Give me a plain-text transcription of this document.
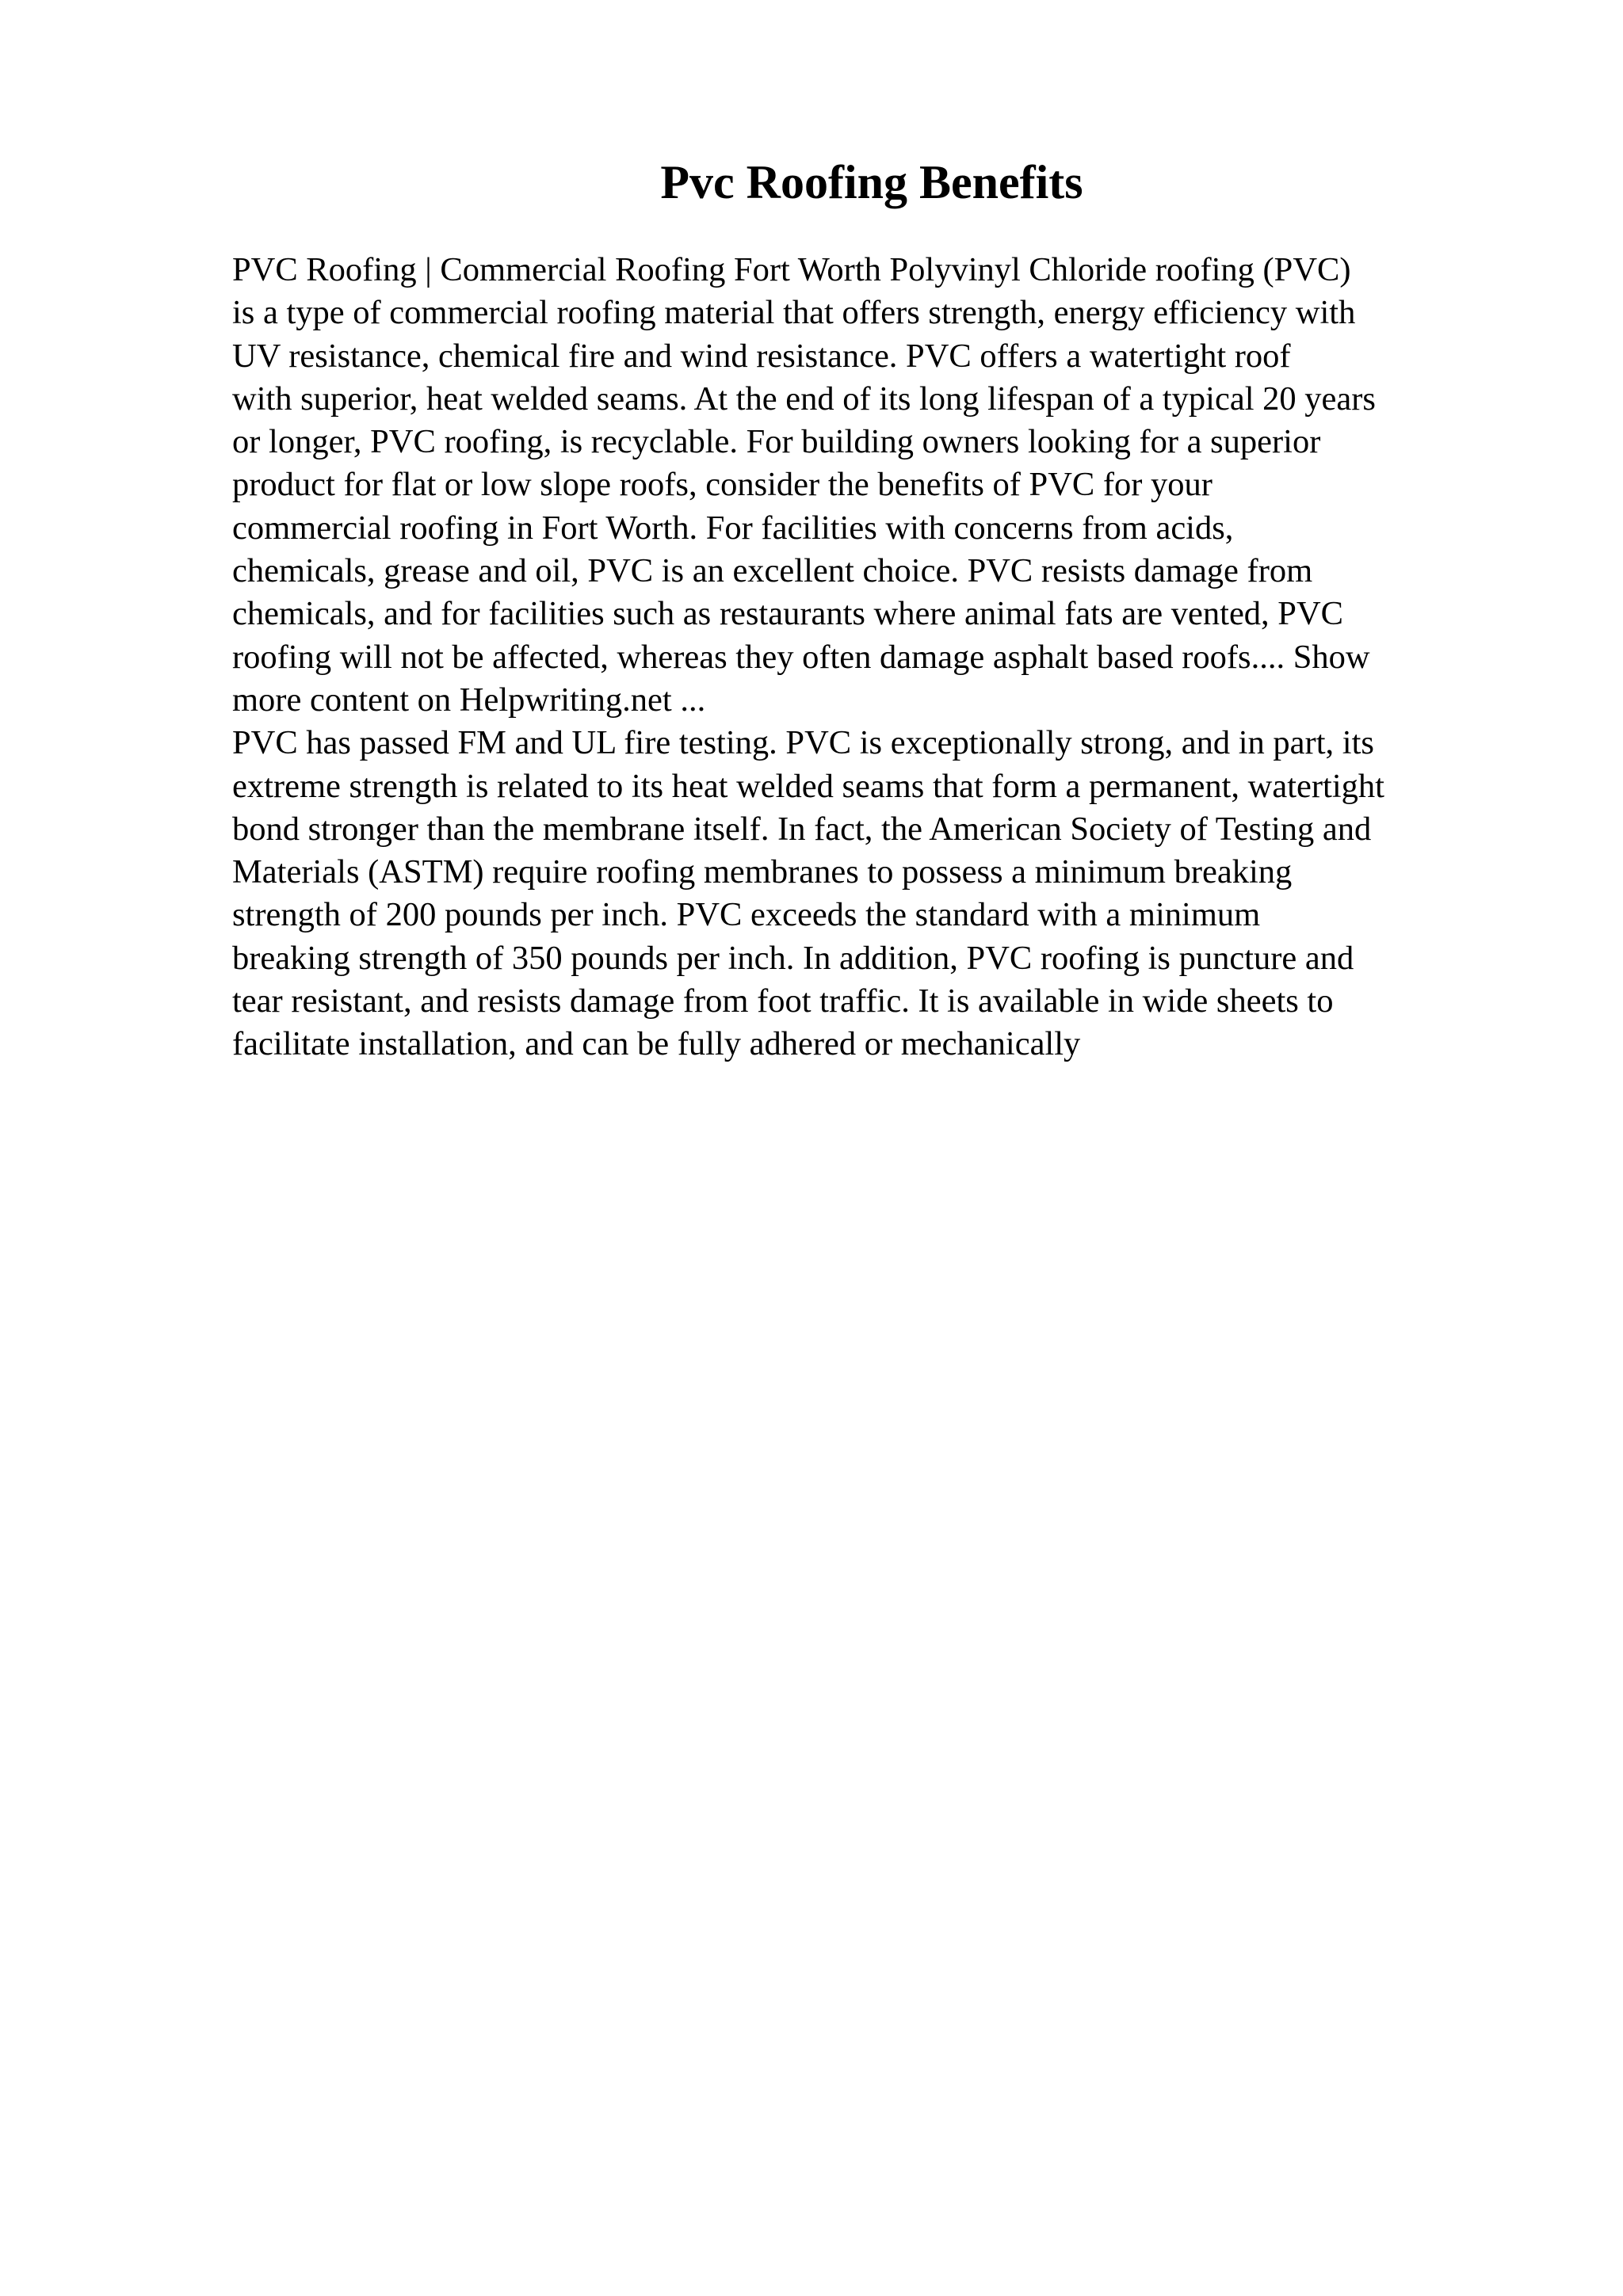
Pvc Roofing Benefits
PVC Roofing | Commercial Roofing Fort Worth Polyvinyl Chloride roofing (PVC)
is a type of commercial roofing material that offers strength, energy efficiency with
UV resistance, chemical fire and wind resistance. PVC offers a watertight roof
with superior, heat welded seams. At the end of its long lifespan of a typical 20 years
or longer, PVC roofing, is recyclable. For building owners looking for a superior
product for flat or low slope roofs, consider the benefits of PVC for your
commercial roofing in Fort Worth. For facilities with concerns from acids,
chemicals, grease and oil, PVC is an excellent choice. PVC resists damage from
chemicals, and for facilities such as restaurants where animal fats are vented, PVC
roofing will not be affected, whereas they often damage asphalt based roofs.... Show
more content on Helpwriting.net ...
PVC has passed FM and UL fire testing. PVC is exceptionally strong, and in part, its
extreme strength is related to its heat welded seams that form a permanent, watertight
bond stronger than the membrane itself. In fact, the American Society of Testing and
Materials (ASTM) require roofing membranes to possess a minimum breaking
strength of 200 pounds per inch. PVC exceeds the standard with a minimum
breaking strength of 350 pounds per inch. In addition, PVC roofing is puncture and
tear resistant, and resists damage from foot traffic. It is available in wide sheets to
facilitate installation, and can be fully adhered or mechanically
